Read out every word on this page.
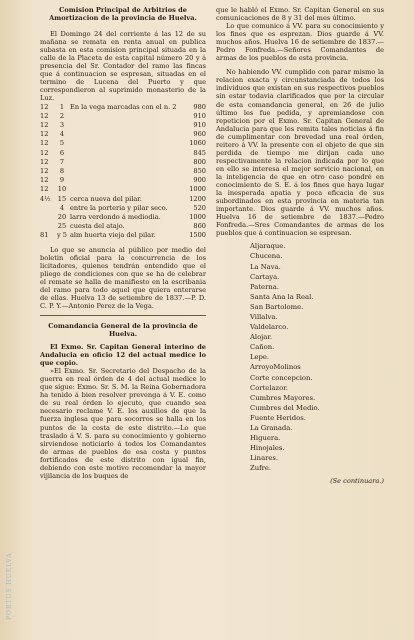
Comision Principal de Arbitrios de Amortizacion de la provincia de Huelva.

El Domingo 24 del corriente á las 12 de su mañana se remata en renta anual en publica subasta en esta comision principal situada en la calle de la Placeta de esta capital número 20 y á presencia del Sr. Contador del ramo las fincas que á continuacion se espresan, situadas en el termino de Lucena del Puerto y que correspondieron al suprimido monasterio de la Luz.

12	1	En la vega marcadas con el n. 2	980
12	2		910
12	3		910
12	4		960
12	5		1060
12	6		845
12	7		800
12	8		850
12	9		900
12	10		1000
4½	15	cerca nueva del pilar.	1200
	4	entre la porteria y pilar seco.	520
	20	larra verdondo á mediodia.	1000
	25	cuesta del atajo.	860
81	y 5	alm huerta vieja del pilar.	1500

Lo que se anuncia al público por medio del boletin oficial para la concurrencia de los licitadores, quienes tendrán entendido que el pliego de condiciones con que se ha de celebrar el remate se halla de manifiesto en la escribania del ramo para todo aquel que quiera enterarse de ellas. Huelva 13 de setiembre de 1837.—P. D. C. P. Y.—Antonio Perez de la Vega.

Comandancia General de la provincia de Huelva.

El Exmo. Sr. Capitan General interino de Andalucia en oficio 12 del actual medice lo que copio.

»El Exmo. Sr. Secretario del Despacho de la guerra en real órden de 4 del actual medice lo que sigue: Exmo. Sr. S. M. la Reina Gobernadora ha tenido á bien resolver prevenga á V. E. como de su real órden lo ejecuto, que cuando sea necesario reclame V. E. los auxilios de que la fuerza inglesa que para socorros se halla en los puntos de la costa de este distrito.—Lo que traslado á V. S. para su conocimiento y gobierno sirviendose noticiarlo á todos los Comandantes de armas de pueblos de esa costa y puntos fortificados de este distrito con igual fin, debiendo con este motivo recomendar la mayor vijilancia de los buques de

que le habló el Exmo. Sr. Capitan General en sus comunicaciones de 8 y 31 del mes último.

Lo que comunico á VV. para su conocimiento y los fines que es esprezan. Dios guarde á VV. muchos años. Huelva 16 de setiembre de 1837.—Pedro Fonfreda.—Señores Comandantes de armas de los pueblos de esta provincia.

No habiendo VV. cumplido con parar mismo la relacion exacta y circunstanciada de todos los individuos que existan en sus respectivos pueblos sin estar todavia clarificados que por la circular de esta comandancia general, en 26 de julio último les fue pedida, y apremiandose con repeticion por el Exmo. Sr. Capitan General de Andalucia para que les remita tales noticias á fin de cumplimentar con brevedad una real órden, reitero á VV. la presente con el objeto de que sin perdida de tiempo me dirijan cada uno respectivamente la relacion indicada por lo que en ello se interesa el mejor servicio nacional, en la inteligencia de que en otro caso pondré en conocimiento de S. E. á los fines que haya lugar la inesperada apatia y poca eficacia de sus subordinados en esta provincia en materia tan importante. Dios guarde á VV. muchos años. Huelva 16 de setiembre de 1837.—Pedro Fonfreda.—Sres Comandantes de armas de los pueblos que á continuacion se espresan.

Aljaraque.
Chucena.
La Nava.
Cartaya.
Paterna.
Santa Ana la Real.
San Bartolome.
Villalva.
Valdelarco.
Alojar.
Cañon.
Lepe.
ArroyoMolinos
Corte concepcion.
Cortelazor.
Cumbres Mayores.
Cumbres del Medio.
Fuente Heridos.
La Granada.
Higuera.
Hinojales.
Linares.
Zufre.
(Se continuara.)
PORTUS HUELVA
